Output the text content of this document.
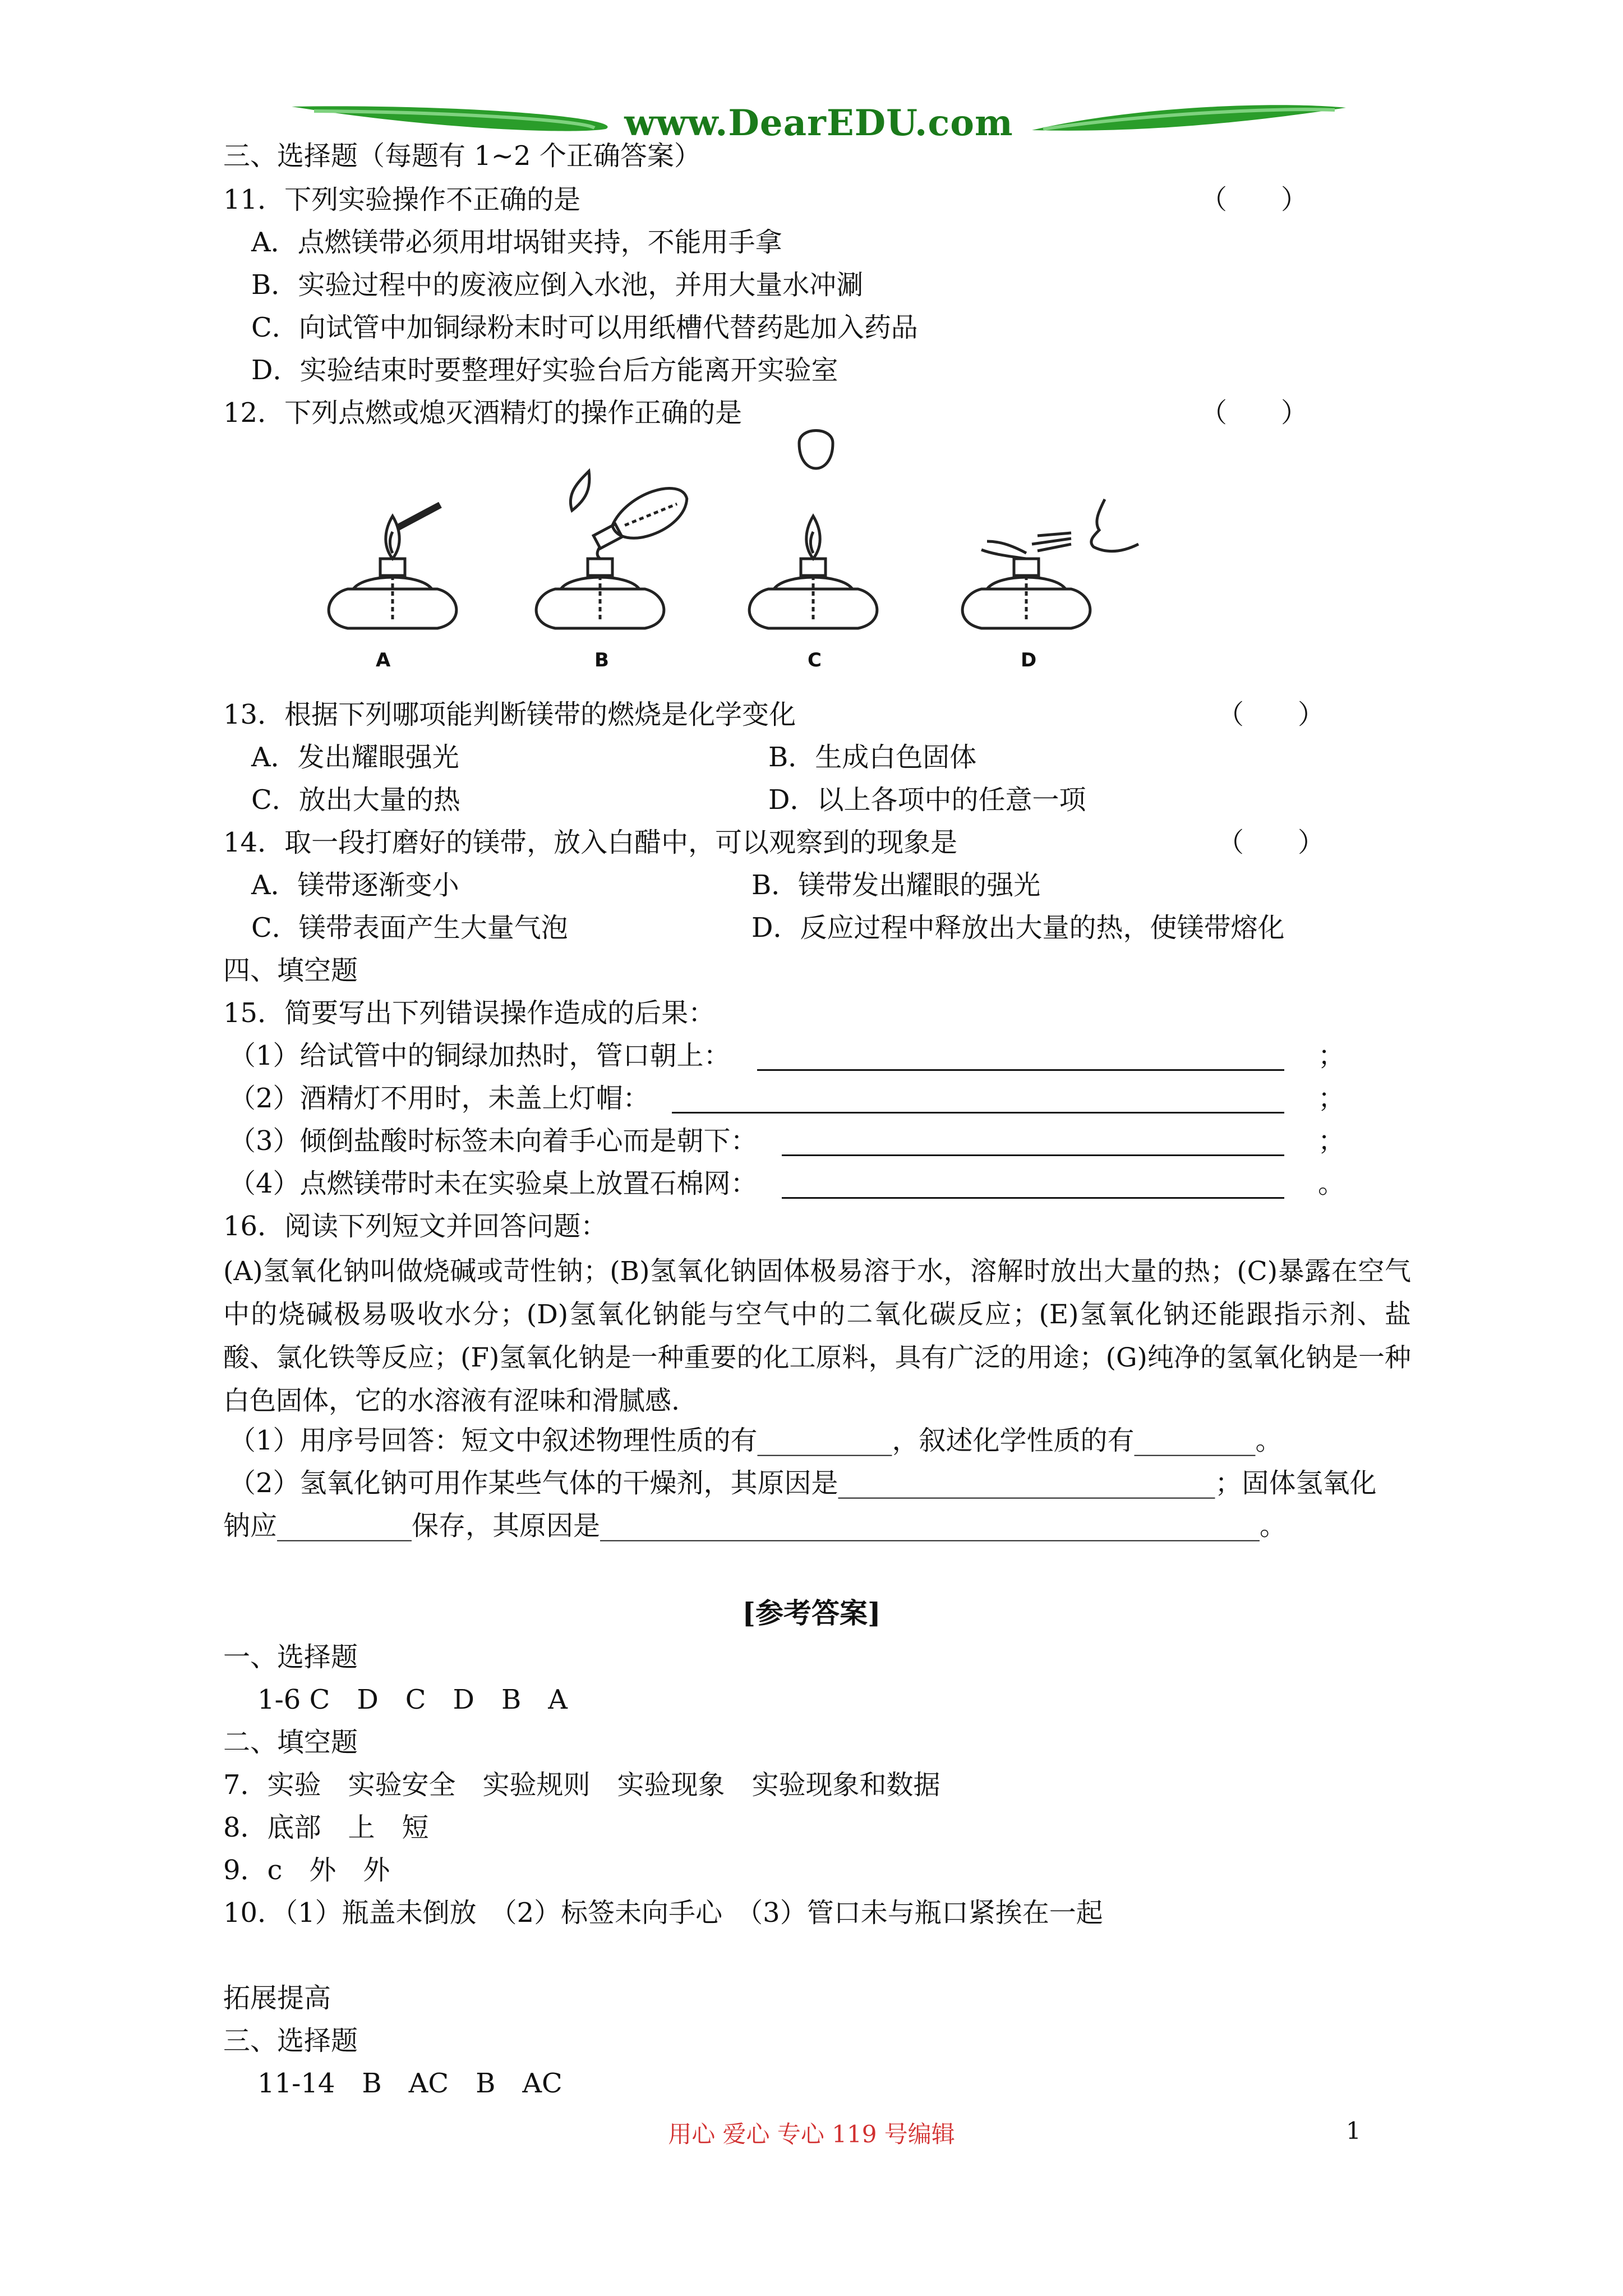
www.DearEDU.com
三、选择题（每题有 1~2 个正确答案）
11．下列实验操作不正确的是	（　　）
A．点燃镁带必须用坩埚钳夹持，不能用手拿
B．实验过程中的废液应倒入水池，并用大量水冲涮
C．向试管中加铜绿粉末时可以用纸槽代替药匙加入药品
D．实验结束时要整理好实验台后方能离开实验室
12．下列点燃或熄灭酒精灯的操作正确的是	（　　）
A	B	C	D
13．根据下列哪项能判断镁带的燃烧是化学变化	（　　）
A．发出耀眼强光	B．生成白色固体
C．放出大量的热	D．以上各项中的任意一项
14．取一段打磨好的镁带，放入白醋中，可以观察到的现象是	（　　）
A．镁带逐渐变小	B．镁带发出耀眼的强光
C．镁带表面产生大量气泡	D．反应过程中释放出大量的热，使镁带熔化
四、填空题
15．简要写出下列错误操作造成的后果：
（1）给试管中的铜绿加热时，管口朝上：	；
（2）酒精灯不用时，未盖上灯帽：	；
（3）倾倒盐酸时标签未向着手心而是朝下：	；
（4）点燃镁带时未在实验桌上放置石棉网：	。
16．阅读下列短文并回答问题：
(A)氢氧化钠叫做烧碱或苛性钠；(B)氢氧化钠固体极易溶于水，溶解时放出大量的热；(C)暴露在空气中的烧碱极易吸收水分；(D)氢氧化钠能与空气中的二氧化碳反应；(E)氢氧化钠还能跟指示剂、盐酸、氯化铁等反应；(F)氢氧化钠是一种重要的化工原料，具有广泛的用途；(G)纯净的氢氧化钠是一种白色固体，它的水溶液有涩味和滑腻感.
（1）用序号回答：短文中叙述物理性质的有__________，叙述化学性质的有_________。
（2）氢氧化钠可用作某些气体的干燥剂，其原因是____________________________；固体氢氧化
钠应__________保存，其原因是_________________________________________________。
[参考答案]
一、选择题
1-6 C　D　C　D　B　A
二、填空题
7．实验　实验安全　实验规则　实验现象　实验现象和数据
8．底部　上　短
9．c　外　外
10．（1）瓶盖未倒放　（2）标签未向手心　（3）管口未与瓶口紧挨在一起
拓展提高
三、选择题
11-14　B　AC　B　AC
用心 爱心 专心 119 号编辑	1
